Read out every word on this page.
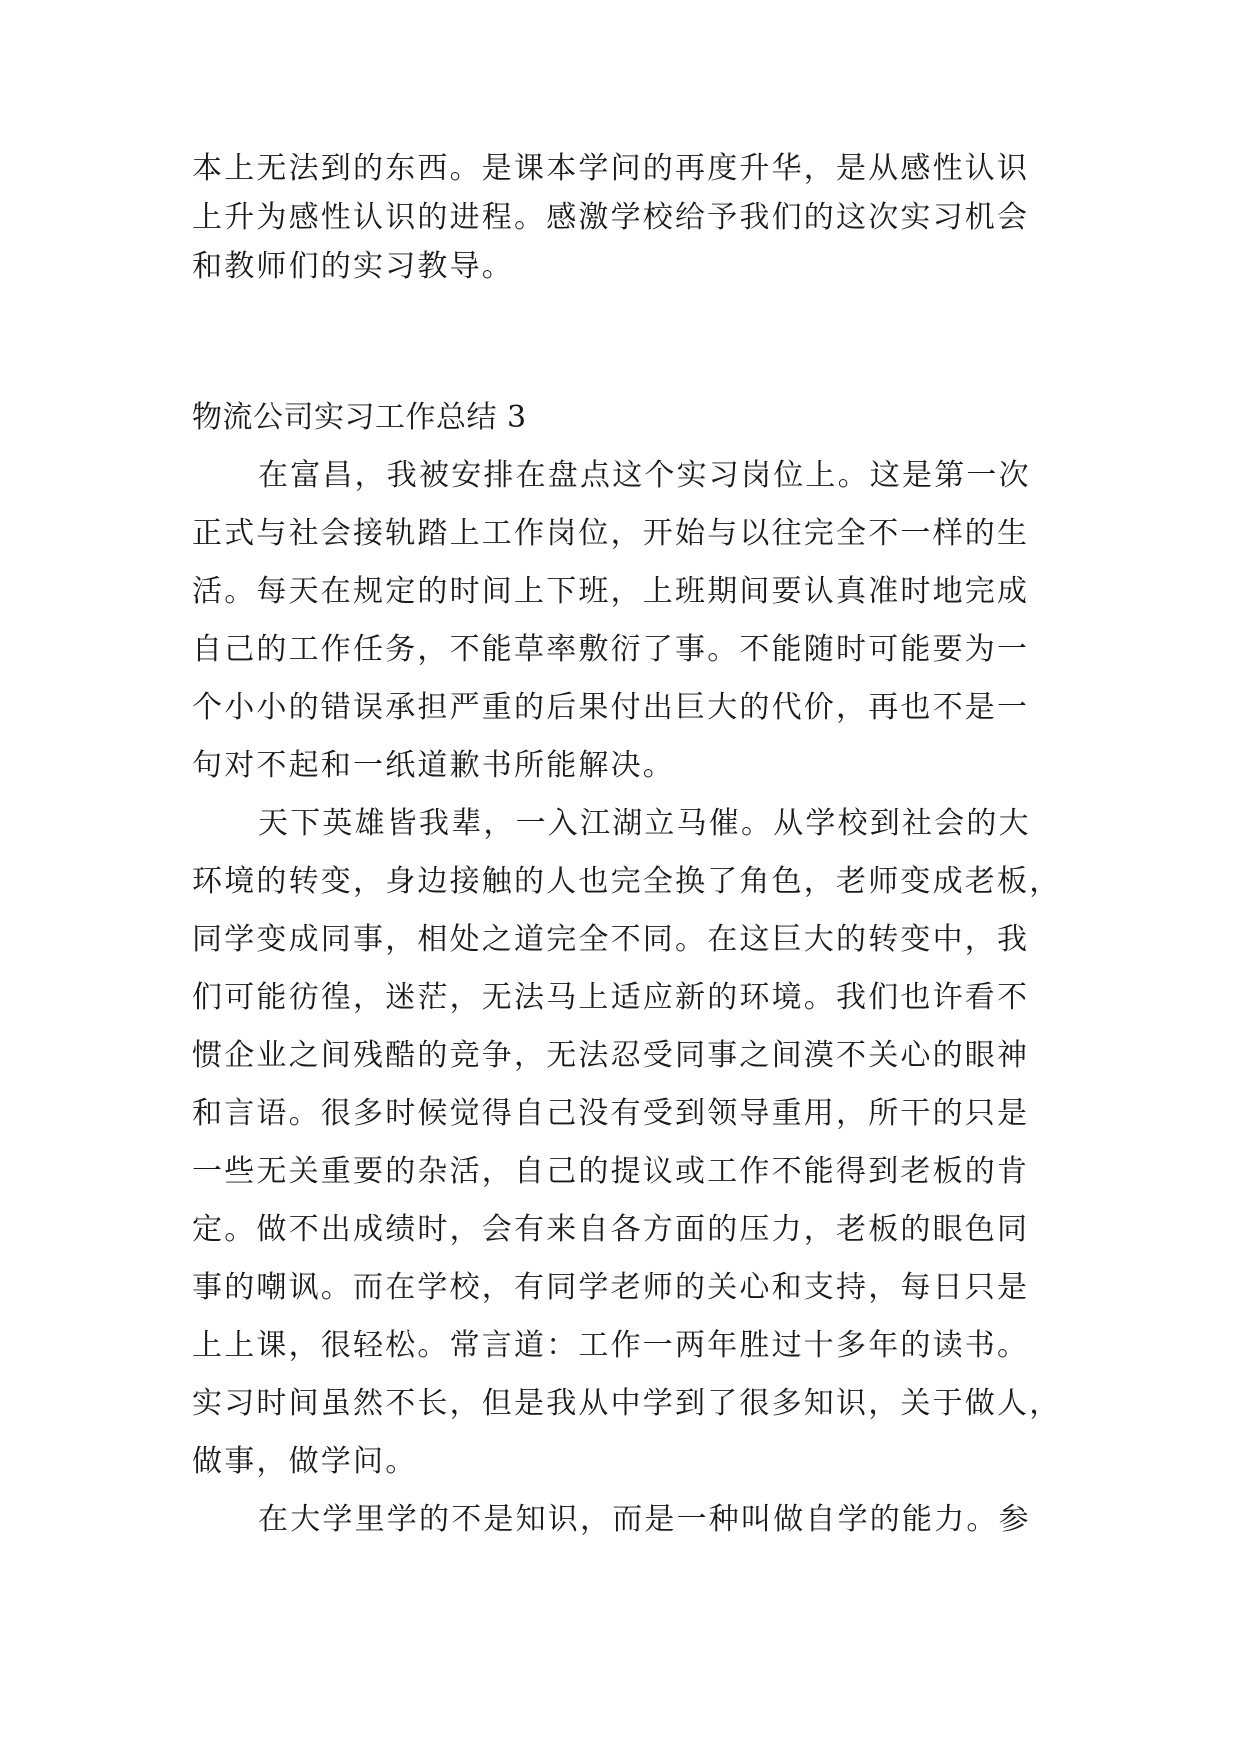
本上无法到的东西。是课本学问的再度升华，是从感性认识

上升为感性认识的进程。感激学校给予我们的这次实习机会

和教师们的实习教导。

物流公司实习工作总结 3

在富昌，我被安排在盘点这个实习岗位上。这是第一次

正式与社会接轨踏上工作岗位，开始与以往完全不一样的生

活。每天在规定的时间上下班，上班期间要认真准时地完成

自己的工作任务，不能草率敷衍了事。不能随时可能要为一

个小小的错误承担严重的后果付出巨大的代价，再也不是一

句对不起和一纸道歉书所能解决。

天下英雄皆我辈，一入江湖立马催。从学校到社会的大

环境的转变，身边接触的人也完全换了角色，老师变成老板，

同学变成同事，相处之道完全不同。在这巨大的转变中，我

们可能彷徨，迷茫，无法马上适应新的环境。我们也许看不

惯企业之间残酷的竞争，无法忍受同事之间漠不关心的眼神

和言语。很多时候觉得自己没有受到领导重用，所干的只是

一些无关重要的杂活，自己的提议或工作不能得到老板的肯

定。做不出成绩时，会有来自各方面的压力，老板的眼色同

事的嘲讽。而在学校，有同学老师的关心和支持，每日只是

上上课，很轻松。常言道：工作一两年胜过十多年的读书。

实习时间虽然不长，但是我从中学到了很多知识，关于做人，

做事，做学问。

在大学里学的不是知识，而是一种叫做自学的能力。参
